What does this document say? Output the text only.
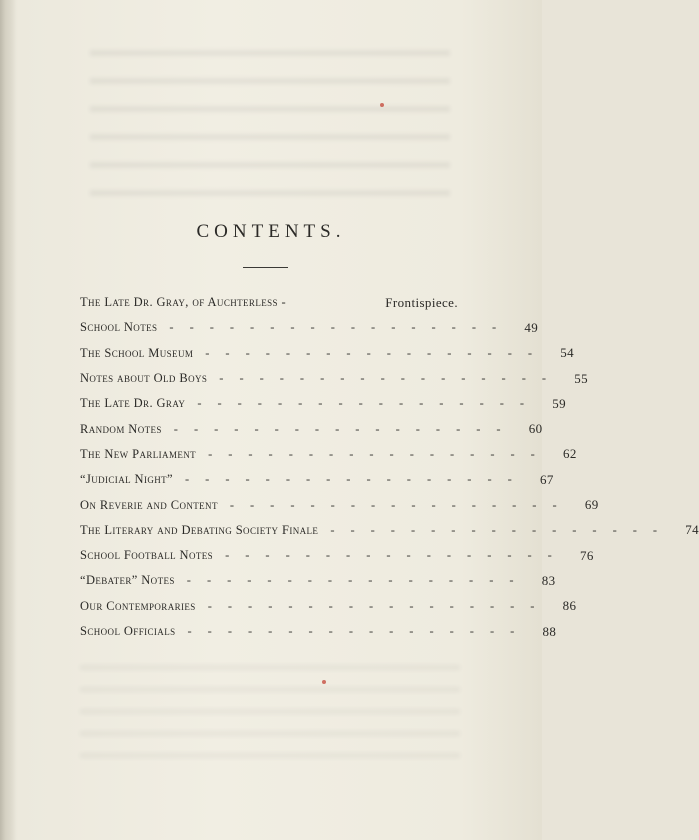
CONTENTS.
The Late Dr. Gray, of Auchterless -	Frontispiece.
School Notes ----------------- 49
The School Museum ----------------- 54
Notes about Old Boys ----------------- 55
The Late Dr. Gray ----------------- 59
Random Notes ----------------- 60
The New Parliament ----------------- 62
“Judicial Night” ----------------- 67
On Reverie and Content ----------------- 69
The Literary and Debating Society Finale ----------------- 74
School Football Notes ----------------- 76
“Debater” Notes ----------------- 83
Our Contemporaries ----------------- 86
School Officials ----------------- 88
